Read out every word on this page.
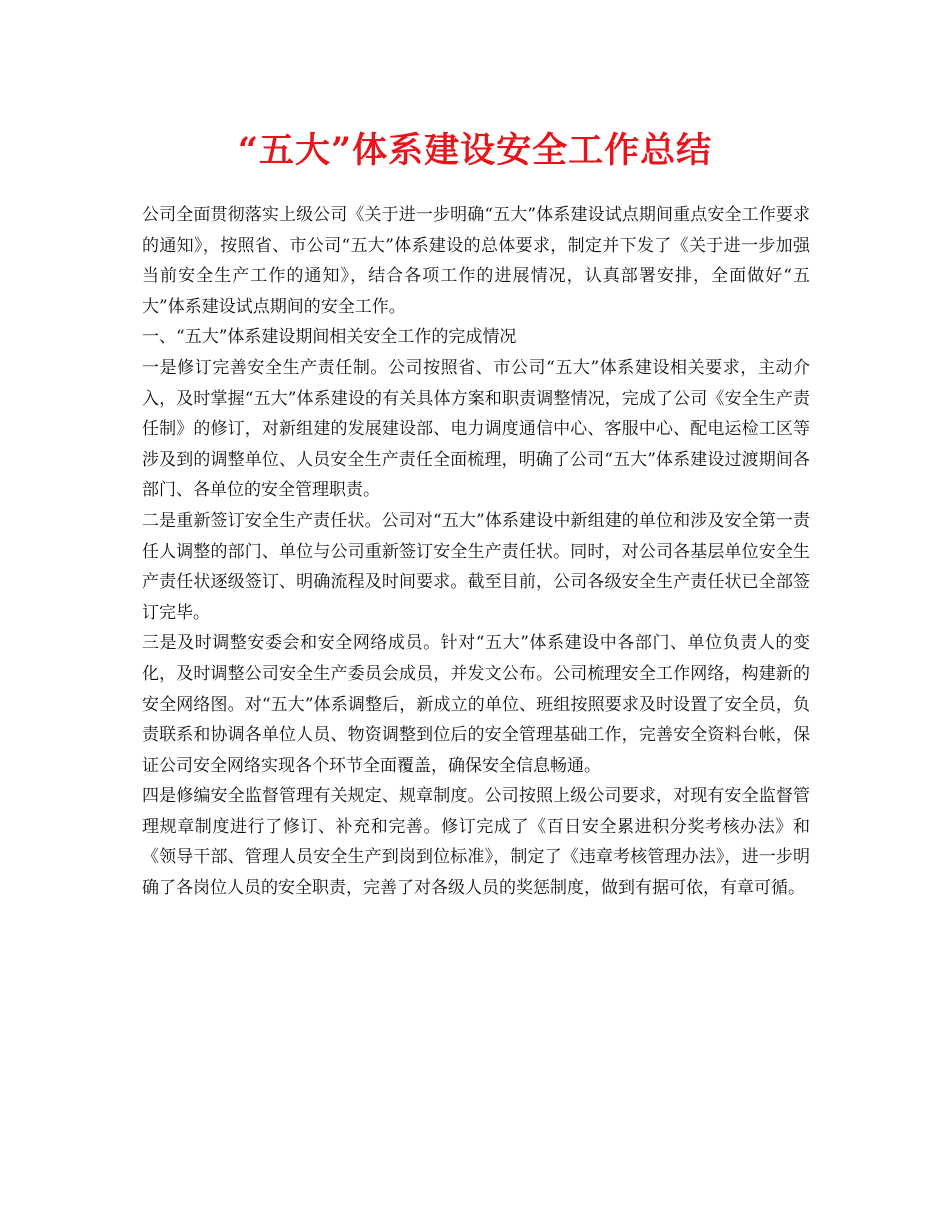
“五大”体系建设安全工作总结

公司全面贯彻落实上级公司《关于进一步明确“五大”体系建设试点期间重点安全工作要求的通知》，按照省、市公司“五大”体系建设的总体要求，制定并下发了《关于进一步加强当前安全生产工作的通知》，结合各项工作的进展情况，认真部署安排，全面做好“五大”体系建设试点期间的安全工作。

一、“五大”体系建设期间相关安全工作的完成情况

一是修订完善安全生产责任制。公司按照省、市公司“五大”体系建设相关要求，主动介入，及时掌握“五大”体系建设的有关具体方案和职责调整情况，完成了公司《安全生产责任制》的修订，对新组建的发展建设部、电力调度通信中心、客服中心、配电运检工区等涉及到的调整单位、人员安全生产责任全面梳理，明确了公司“五大”体系建设过渡期间各部门、各单位的安全管理职责。

二是重新签订安全生产责任状。公司对“五大”体系建设中新组建的单位和涉及安全第一责任人调整的部门、单位与公司重新签订安全生产责任状。同时，对公司各基层单位安全生产责任状逐级签订、明确流程及时间要求。截至目前，公司各级安全生产责任状已全部签订完毕。

三是及时调整安委会和安全网络成员。针对“五大”体系建设中各部门、单位负责人的变化，及时调整公司安全生产委员会成员，并发文公布。公司梳理安全工作网络，构建新的安全网络图。对“五大”体系调整后，新成立的单位、班组按照要求及时设置了安全员，负责联系和协调各单位人员、物资调整到位后的安全管理基础工作，完善安全资料台帐，保证公司安全网络实现各个环节全面覆盖，确保安全信息畅通。

四是修编安全监督管理有关规定、规章制度。公司按照上级公司要求，对现有安全监督管理规章制度进行了修订、补充和完善。修订完成了《百日安全累进积分奖考核办法》和《领导干部、管理人员安全生产到岗到位标准》，制定了《违章考核管理办法》，进一步明确了各岗位人员的安全职责，完善了对各级人员的奖惩制度，做到有据可依，有章可循。
